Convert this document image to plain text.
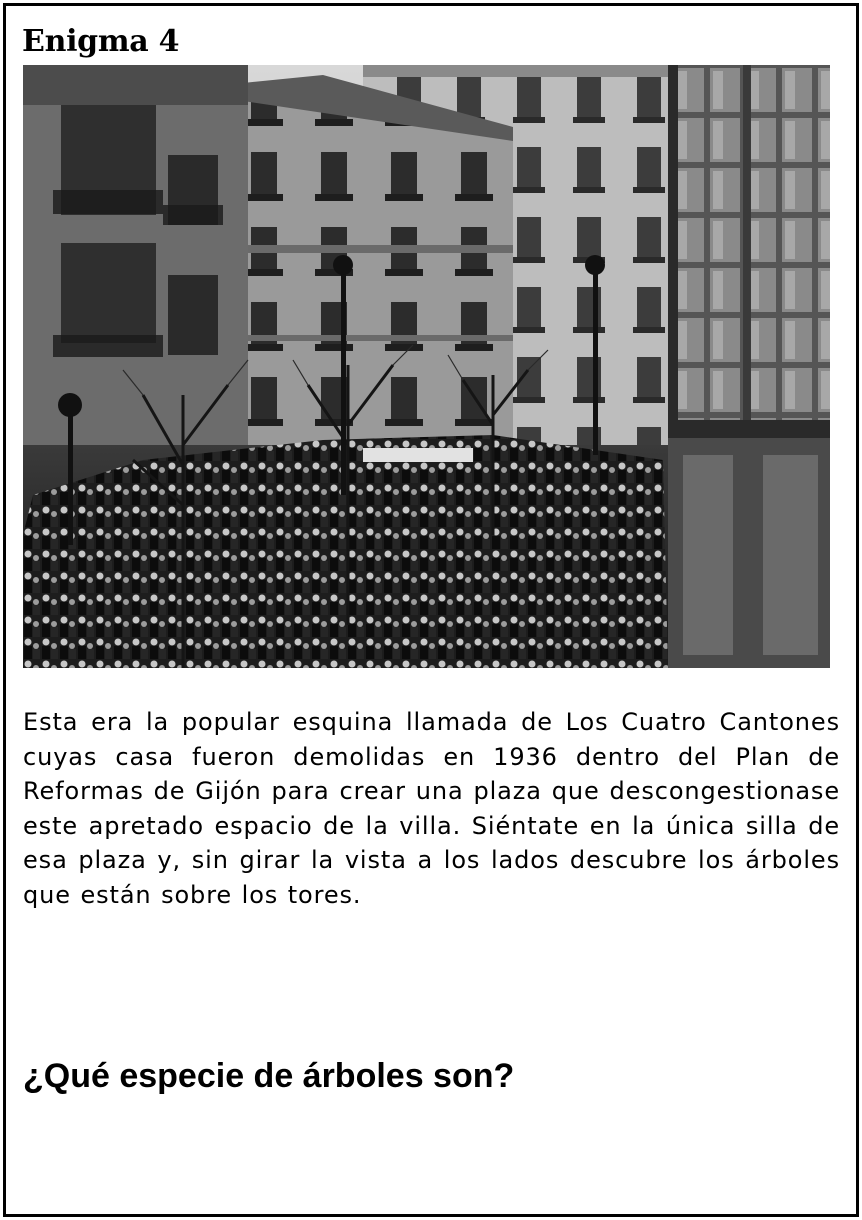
Enigma 4

Esta era la popular esquina llamada de Los Cuatro Cantones cuyas casa fueron demolidas en 1936 dentro del Plan de Reformas de Gijón para crear una plaza que descongestionase este apretado espacio de la villa. Siéntate en la única silla de esa plaza y, sin girar la vista a los lados descubre los árboles que están sobre los tores.

¿Qué especie de árboles son?
